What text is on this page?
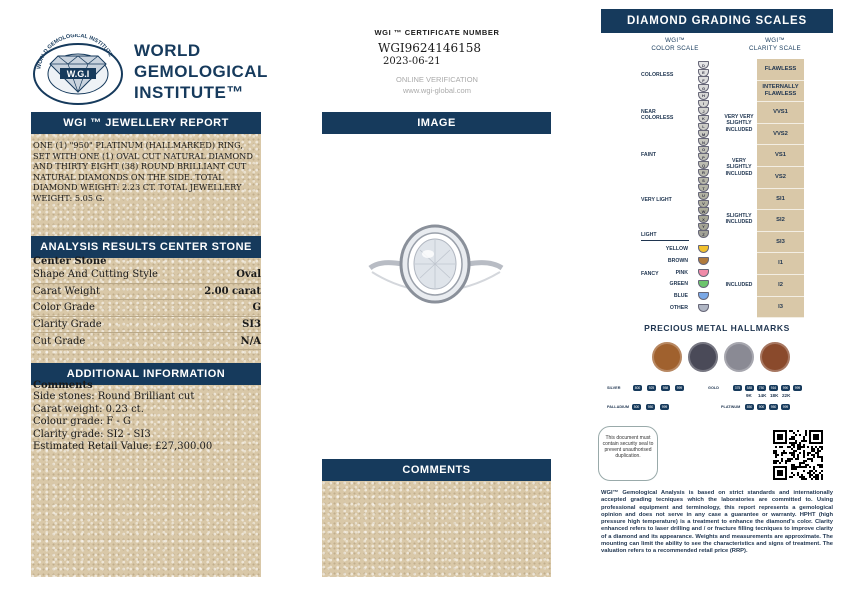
W.G.I
WORLD GEMOLOGICAL INSTITUTE WORLD
GEMOLOGICAL
INSTITUTE™
WGI ™ JEWELLERY REPORT
ONE (1) "950" PLATINUM (HALLMARKED) RING, SET WITH ONE (1) OVAL CUT NATURAL DIAMOND AND THIRTY EIGHT (38) ROUND BRILLIANT CUT NATURAL DIAMONDS ON THE SIDE. TOTAL DIAMOND WEIGHT: 2.23 CT. TOTAL JEWELLERY WEIGHT: 5.05 G.
ANALYSIS RESULTS CENTER STONE
Center Stone
Shape And Cutting Style	Oval
Carat Weight	2.00 carat
Color Grade	G
Clarity Grade	SI3
Cut Grade	N/A
ADDITIONAL INFORMATION
Comments
Side stones: Round Brilliant cut
Carat weight: 0.23 ct.
Colour grade: F - G
Clarity grade: SI2 - SI3
Estimated Retail Value: £27,300.00
WGI ™ CERTIFICATE NUMBER
WGI9624146158
2023-06-21
ONLINE VERIFICATION
www.wgi-global.com
IMAGE
COMMENTS
DIAMOND GRADING SCALES
WGI™
COLOR SCALE
WGI™
CLARITY SCALE
COLORLESS
NEAR COLORLESS
FAINT
VERY LIGHT
LIGHT
FANCY
VERY VERY SLIGHTLY INCLUDED
VERY SLIGHTLY INCLUDED
SLIGHTLY INCLUDED
INCLUDED
FLAWLESS
INTERNALLY FLAWLESS
VVS1
VVS2
VS1
VS2
SI1
SI2
SI3
I1
I2
I3
PRECIOUS METAL HALLMARKS
SILVER	GOLD
PALLADIUM	PLATINUM
This document must contain security seal to prevent unauthorised duplication.
WGI™ Gemological Analysis is based on strict standards and internationally accepted grading tecniques which the laboratories are committed to. Using professional equipment and terminology, this report represents a gemological opinion and does not serve in any case a guarantee or warranty. HPHT (high pressure high temperature) is a treatment to enhance the diamond's color. Clarity enhanced refers to laser drilling and / or fracture filling tecniques to improve clarity of a diamond and its appearance. Weights and measurements are approximate. The mounting can limit the ability to see the characteristics and signs of treatment. The valuation refers to a recommended retail price (RRP).
D
E
F
G
H
I
J
K
L
M
N
O
P
Q
R
S
T
U
V
W
X
Y
Z
YELLOW
BROWN
PINK
GREEN
BLUE
OTHER
800	925	958	999	375	585	750	916	990	999
9K 14K 18K 22K
500	950	999	850	900	950	999
